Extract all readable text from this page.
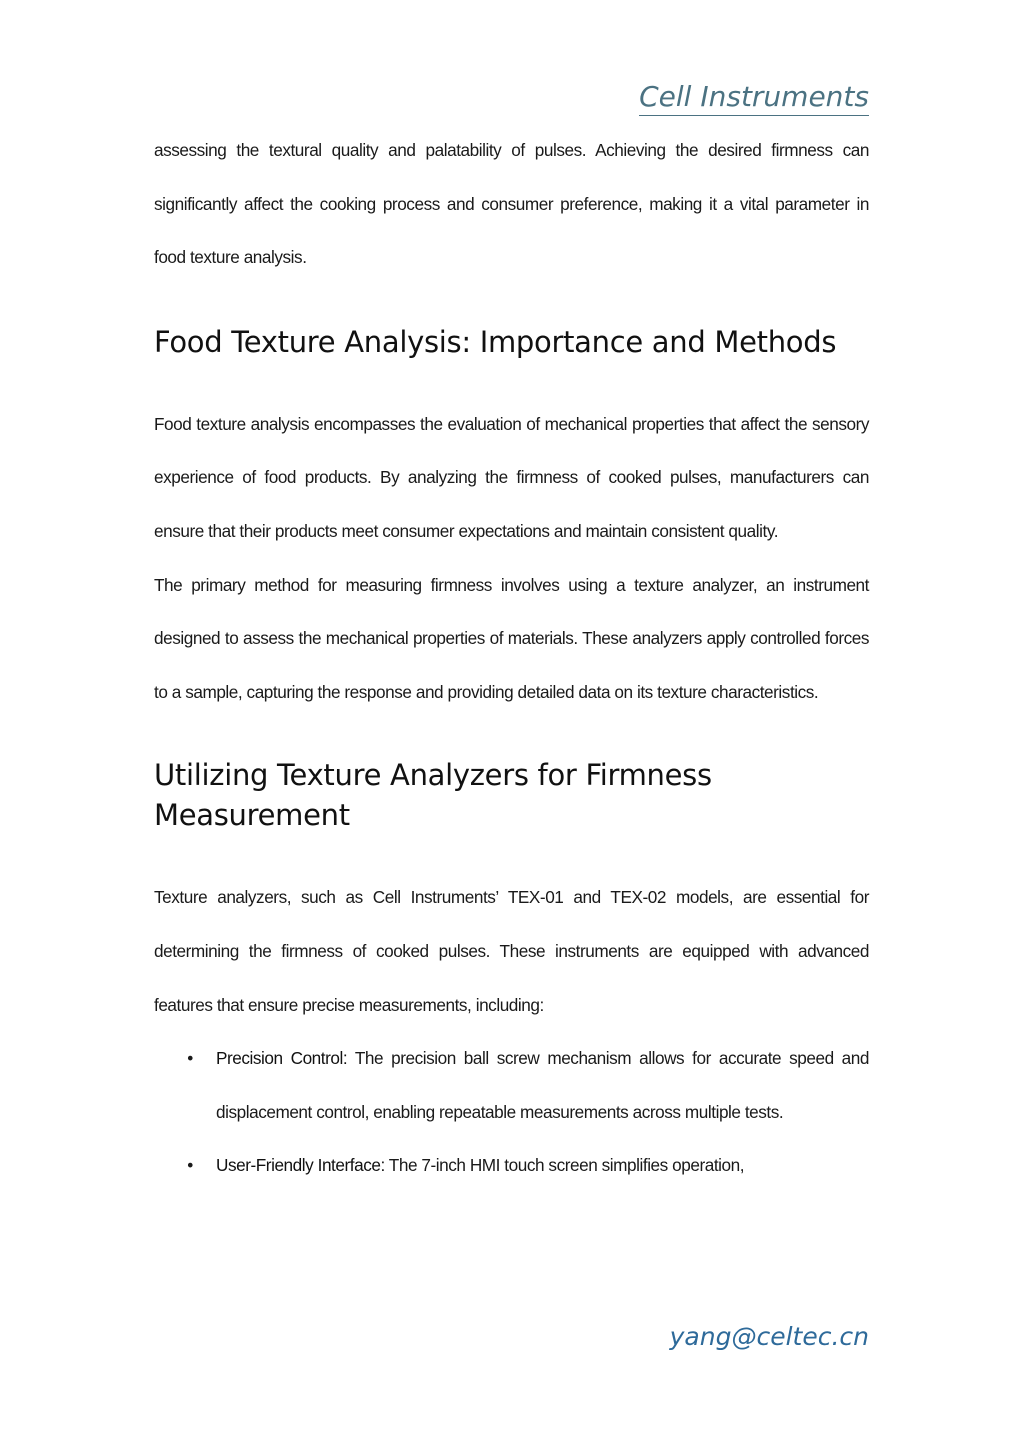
Cell Instruments

assessing the textural quality and palatability of pulses. Achieving the desired firmness can significantly affect the cooking process and consumer preference, making it a vital parameter in food texture analysis.

Food Texture Analysis: Importance and Methods

Food texture analysis encompasses the evaluation of mechanical properties that affect the sensory experience of food products. By analyzing the firmness of cooked pulses, manufacturers can ensure that their products meet consumer expectations and maintain consistent quality.

The primary method for measuring firmness involves using a texture analyzer, an instrument designed to assess the mechanical properties of materials. These analyzers apply controlled forces to a sample, capturing the response and providing detailed data on its texture characteristics.

Utilizing Texture Analyzers for Firmness Measurement

Texture analyzers, such as Cell Instruments’ TEX-01 and TEX-02 models, are essential for determining the firmness of cooked pulses. These instruments are equipped with advanced features that ensure precise measurements, including:

• Precision Control: The precision ball screw mechanism allows for accurate speed and displacement control, enabling repeatable measurements across multiple tests.
• User-Friendly Interface: The 7-inch HMI touch screen simplifies operation,
yang@celtec.cn
